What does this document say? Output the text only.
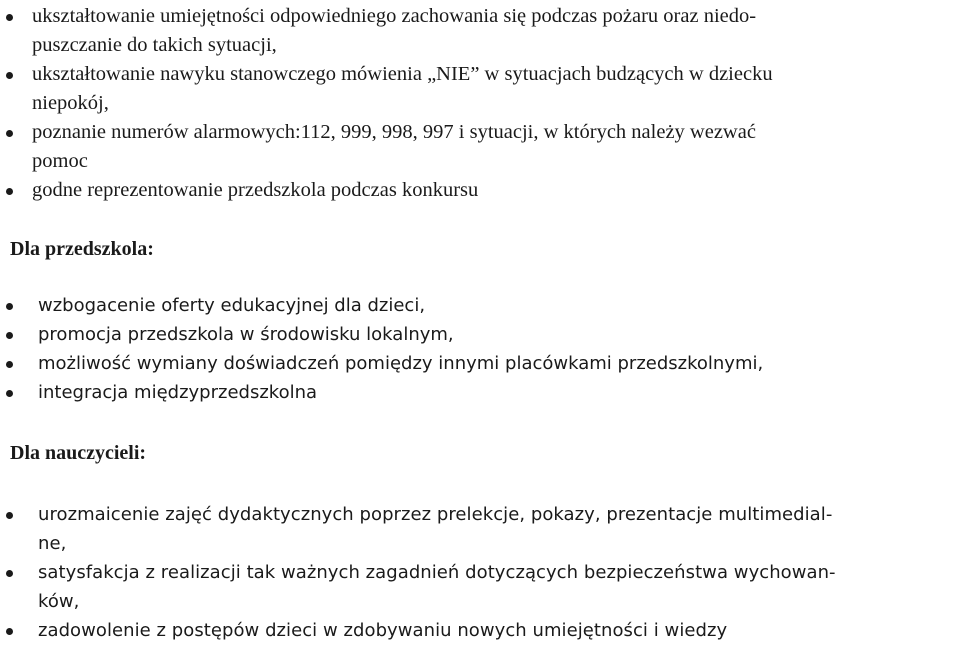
ukształtowanie umiejętności odpowiedniego zachowania się podczas pożaru oraz niedo-
puszczanie do takich sytuacji,
ukształtowanie nawyku stanowczego mówienia „NIE” w sytuacjach budzących w dziecku
niepokój,
poznanie numerów alarmowych:112, 999, 998, 997 i sytuacji, w których należy wezwać
pomoc
godne reprezentowanie przedszkola podczas konkursu
Dla przedszkola:
wzbogacenie oferty edukacyjnej dla dzieci,
promocja przedszkola w środowisku lokalnym,
możliwość wymiany doświadczeń pomiędzy innymi placówkami przedszkolnymi,
integracja międzyprzedszkolna
Dla nauczycieli:
urozmaicenie zajęć dydaktycznych poprzez prelekcje, pokazy, prezentacje multimedial-
ne,
satysfakcja z realizacji tak ważnych zagadnień dotyczących bezpieczeństwa wychowan-
ków,
zadowolenie z postępów dzieci w zdobywaniu nowych umiejętności i wiedzy
